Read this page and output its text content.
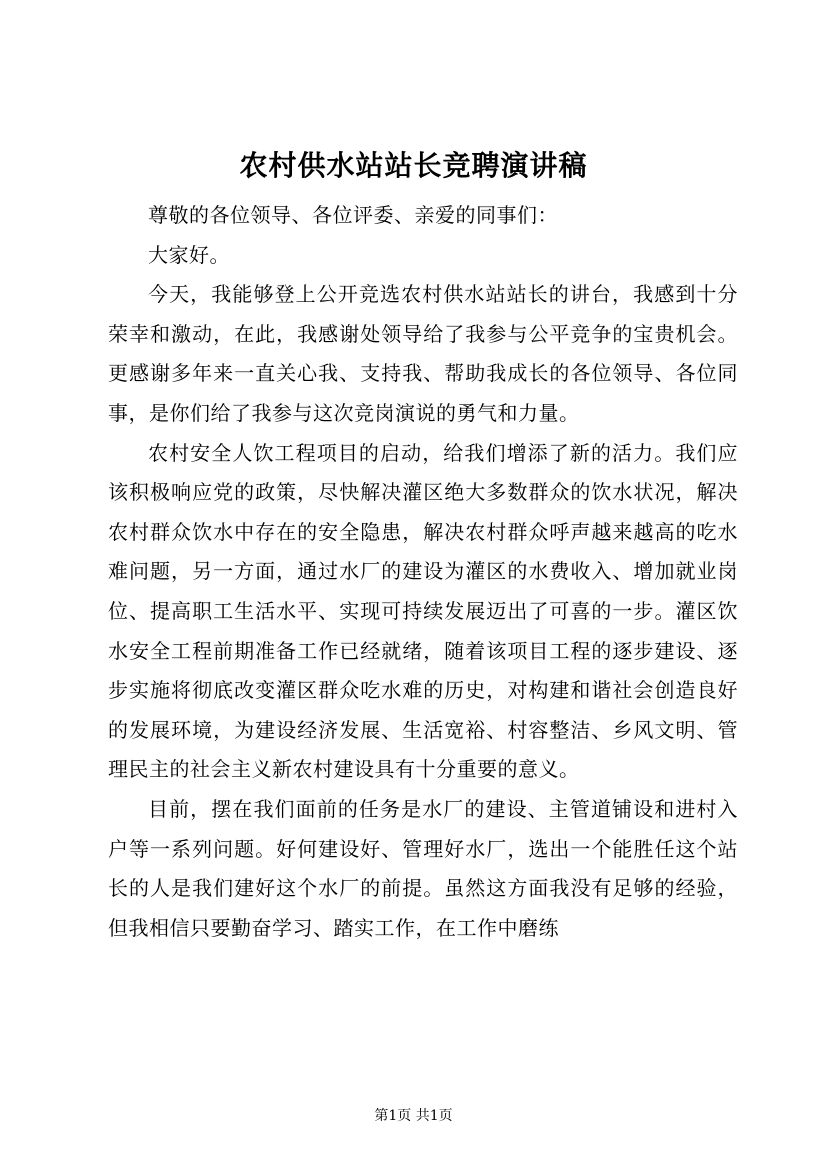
农村供水站站长竞聘演讲稿

尊敬的各位领导、各位评委、亲爱的同事们：

大家好。

今天，我能够登上公开竞选农村供水站站长的讲台，我感到十分荣幸和激动，在此，我感谢处领导给了我参与公平竞争的宝贵机会。更感谢多年来一直关心我、支持我、帮助我成长的各位领导、各位同事，是你们给了我参与这次竞岗演说的勇气和力量。

农村安全人饮工程项目的启动，给我们增添了新的活力。我们应该积极响应党的政策，尽快解决灌区绝大多数群众的饮水状况，解决农村群众饮水中存在的安全隐患，解决农村群众呼声越来越高的吃水难问题，另一方面，通过水厂的建设为灌区的水费收入、增加就业岗位、提高职工生活水平、实现可持续发展迈出了可喜的一步。灌区饮水安全工程前期准备工作已经就绪，随着该项目工程的逐步建设、逐步实施将彻底改变灌区群众吃水难的历史，对构建和谐社会创造良好的发展环境，为建设经济发展、生活宽裕、村容整洁、乡风文明、管理民主的社会主义新农村建设具有十分重要的意义。

目前，摆在我们面前的任务是水厂的建设、主管道铺设和进村入户等一系列问题。好何建设好、管理好水厂，选出一个能胜任这个站长的人是我们建好这个水厂的前提。虽然这方面我没有足够的经验，但我相信只要勤奋学习、踏实工作，在工作中磨练

第1页 共1页
